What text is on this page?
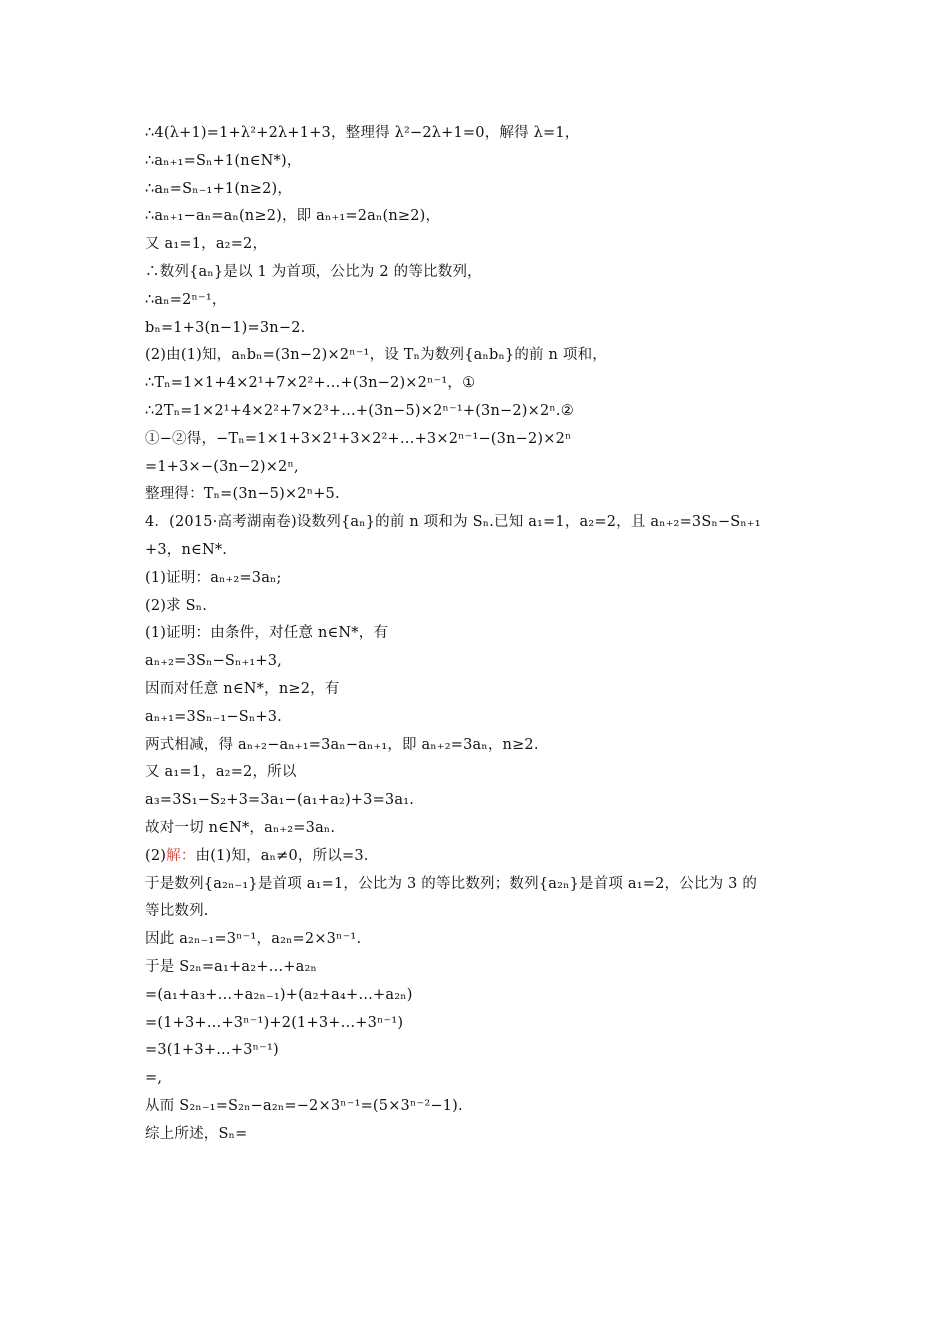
∴4(λ+1)=1+λ²+2λ+1+3，整理得 λ²−2λ+1=0，解得 λ=1，
∴aₙ₊₁=Sₙ+1(n∈N*)，
∴aₙ=Sₙ₋₁+1(n≥2)，
∴aₙ₊₁−aₙ=aₙ(n≥2)，即 aₙ₊₁=2aₙ(n≥2)，
又 a₁=1，a₂=2，
∴数列{aₙ}是以 1 为首项，公比为 2 的等比数列，
∴aₙ=2ⁿ⁻¹，
bₙ=1+3(n−1)=3n−2.
(2)由(1)知，aₙbₙ=(3n−2)×2ⁿ⁻¹，设 Tₙ为数列{aₙbₙ}的前 n 项和，
∴Tₙ=1×1+4×2¹+7×2²+…+(3n−2)×2ⁿ⁻¹，①
∴2Tₙ=1×2¹+4×2²+7×2³+…+(3n−5)×2ⁿ⁻¹+(3n−2)×2ⁿ.②
①−②得，−Tₙ=1×1+3×2¹+3×2²+…+3×2ⁿ⁻¹−(3n−2)×2ⁿ
=1+3×−(3n−2)×2ⁿ,
整理得：Tₙ=(3n−5)×2ⁿ+5.
4．(2015·高考湖南卷)设数列{aₙ}的前 n 项和为 Sₙ.已知 a₁=1，a₂=2，且 aₙ₊₂=3Sₙ−Sₙ₊₁
+3，n∈N*.
(1)证明：aₙ₊₂=3aₙ;
(2)求 Sₙ.
(1)证明：由条件，对任意 n∈N*，有
aₙ₊₂=3Sₙ−Sₙ₊₁+3,
因而对任意 n∈N*，n≥2，有
aₙ₊₁=3Sₙ₋₁−Sₙ+3.
两式相减，得 aₙ₊₂−aₙ₊₁=3aₙ−aₙ₊₁，即 aₙ₊₂=3aₙ，n≥2.
又 a₁=1，a₂=2，所以
a₃=3S₁−S₂+3=3a₁−(a₁+a₂)+3=3a₁.
故对一切 n∈N*，aₙ₊₂=3aₙ.
(2)解：由(1)知，aₙ≠0，所以=3.
于是数列{a₂ₙ₋₁}是首项 a₁=1，公比为 3 的等比数列；数列{a₂ₙ}是首项 a₁=2，公比为 3 的
等比数列.
因此 a₂ₙ₋₁=3ⁿ⁻¹，a₂ₙ=2×3ⁿ⁻¹.
于是 S₂ₙ=a₁+a₂+…+a₂ₙ
=(a₁+a₃+…+a₂ₙ₋₁)+(a₂+a₄+…+a₂ₙ)
=(1+3+…+3ⁿ⁻¹)+2(1+3+…+3ⁿ⁻¹)
=3(1+3+…+3ⁿ⁻¹)
=,
从而 S₂ₙ₋₁=S₂ₙ−a₂ₙ=−2×3ⁿ⁻¹=(5×3ⁿ⁻²−1).
综上所述，Sₙ=
